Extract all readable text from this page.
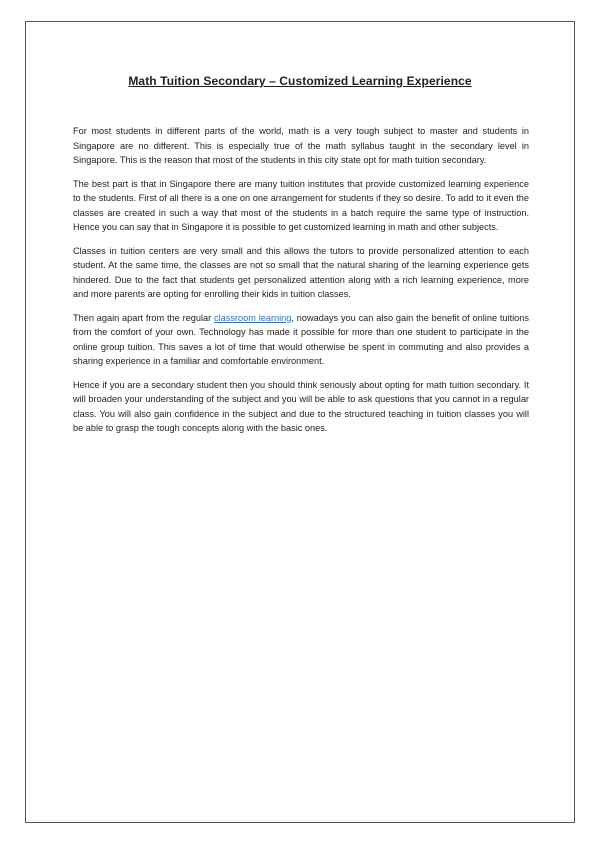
Math Tuition Secondary – Customized Learning Experience

For most students in different parts of the world, math is a very tough subject to master and students in Singapore are no different. This is especially true of the math syllabus taught in the secondary level in Singapore. This is the reason that most of the students in this city state opt for math tuition secondary.

The best part is that in Singapore there are many tuition institutes that provide customized learning experience to the students. First of all there is a one on one arrangement for students if they so desire. To add to it even the classes are created in such a way that most of the students in a batch require the same type of instruction. Hence you can say that in Singapore it is possible to get customized learning in math and other subjects.

Classes in tuition centers are very small and this allows the tutors to provide personalized attention to each student. At the same time, the classes are not so small that the natural sharing of the learning experience gets hindered. Due to the fact that students get personalized attention along with a rich learning experience, more and more parents are opting for enrolling their kids in tuition classes.

Then again apart from the regular classroom learning, nowadays you can also gain the benefit of online tuitions from the comfort of your own. Technology has made it possible for more than one student to participate in the online group tuition. This saves a lot of time that would otherwise be spent in commuting and also provides a sharing experience in a familiar and comfortable environment.

Hence if you are a secondary student then you should think seriously about opting for math tuition secondary. It will broaden your understanding of the subject and you will be able to ask questions that you cannot in a regular class. You will also gain confidence in the subject and due to the structured teaching in tuition classes you will be able to grasp the tough concepts along with the basic ones.
